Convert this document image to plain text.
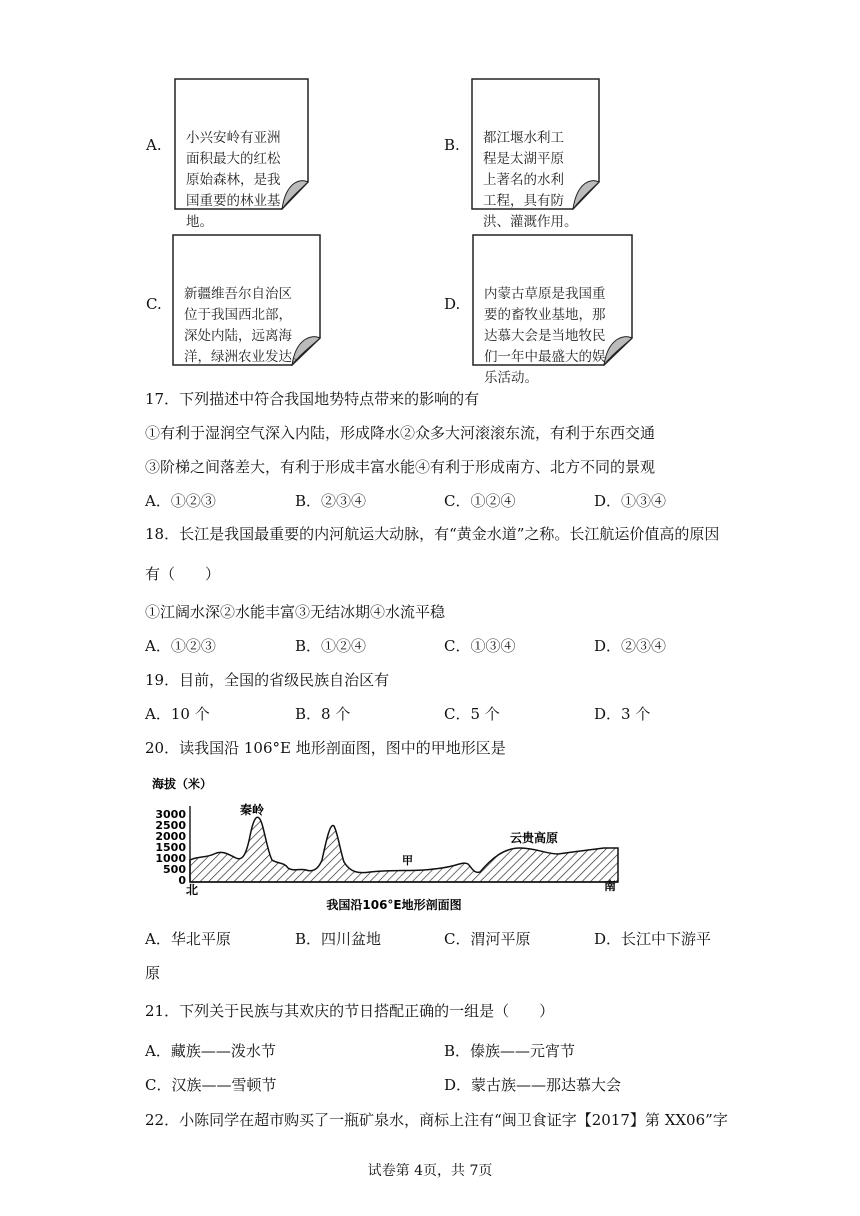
A.

小兴安岭有亚洲
面积最大的红松
原始森林，是我
国重要的林业基
地。

B.

都江堰水利工
程是太湖平原
上著名的水利
工程，具有防
洪、灌溉作用。

C.

新疆维吾尔自治区
位于我国西北部，
深处内陆，远离海
洋，绿洲农业发达。

D.

内蒙古草原是我国重
要的畜牧业基地，那
达慕大会是当地牧民
们一年中最盛大的娱
乐活动。

17．下列描述中符合我国地势特点带来的影响的有
①有利于湿润空气深入内陆，形成降水②众多大河滚滚东流，有利于东西交通
③阶梯之间落差大，有利于形成丰富水能④有利于形成南方、北方不同的景观
A．①②③	B．②③④	C．①②④	D．①③④
18．长江是我国最重要的内河航运大动脉，有“黄金水道”之称。长江航运价值高的原因
有（　　）
①江阔水深②水能丰富③无结冰期④水流平稳
A．①②③	B．①②④	C．①③④	D．②③④
19．目前，全国的省级民族自治区有
A．10 个	B．8 个	C．5 个	D．3 个
20．读我国沿 106°E 地形剖面图，图中的甲地形区是
海拔（米）
3000
2500
2000
1500
1000
500
0
秦岭
甲
云贵高原
北	南
我国沿106°E地形剖面图
A．华北平原	B．四川盆地	C．渭河平原	D．长江中下游平
原
21．下列关于民族与其欢庆的节日搭配正确的一组是（　　）
A．藏族——泼水节	B．傣族——元宵节
C．汉族——雪顿节	D．蒙古族——那达慕大会
22．小陈同学在超市购买了一瓶矿泉水，商标上注有“闽卫食证字【2017】第 XX06”字
试卷第 4页，共 7页
